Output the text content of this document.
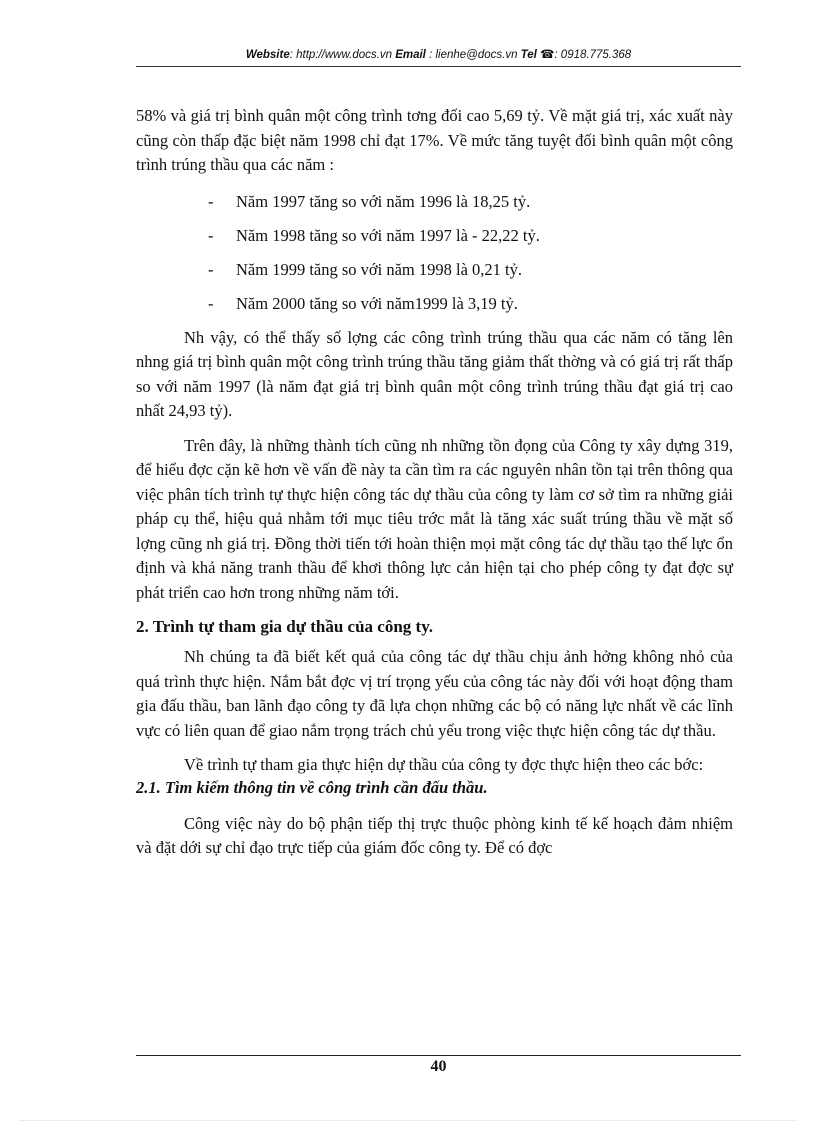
Website: http://www.docs.vn Email : lienhe@docs.vn Tel ☎: 0918.775.368

58% và giá trị bình quân một công trình tơng đối cao 5,69 tỷ. Về mặt giá trị, xác xuất này cũng còn thấp đặc biệt năm 1998 chỉ đạt 17%. Về mức tăng tuyệt đối bình quân một công trình trúng thầu qua các năm :

- Năm 1997 tăng so với năm 1996 là 18,25 tỷ.
- Năm 1998 tăng so với năm 1997 là - 22,22 tỷ.
- Năm 1999 tăng so với năm 1998 là 0,21 tỷ.
- Năm 2000 tăng so với năm1999 là 3,19 tỷ.

Nh vậy, có thể thấy số lợng các công trình trúng thầu qua các năm có tăng lên nhng giá trị bình quân một công trình trúng thầu tăng giảm thất thờng và có giá trị rất thấp so với năm 1997 (là năm đạt giá trị bình quân một công trình trúng thầu đạt giá trị cao nhất 24,93 tỷ).

Trên đây, là những thành tích cũng nh những tồn đọng của Công ty xây dựng 319, để hiểu đợc cặn kẽ hơn về vấn đề này ta cần tìm ra các nguyên nhân tồn tại trên thông qua việc phân tích trình tự thực hiện công tác dự thầu của công ty làm cơ sở tìm ra những giải pháp cụ thể, hiệu quả nhằm tới mục tiêu trớc mắt là tăng xác suất trúng thầu về mặt số lợng cũng nh giá trị. Đồng thời tiến tới hoàn thiện mọi mặt công tác dự thầu tạo thế lực ổn định và khả năng tranh thầu để khơi thông lực cản hiện tại cho phép công ty đạt đợc sự phát triển cao hơn trong những năm tới.

2. Trình tự tham gia dự thầu của công ty.

Nh chúng ta đã biết kết quả của công tác dự thầu chịu ảnh hởng không nhỏ của quá trình thực hiện. Nắm bắt đợc vị trí trọng yếu của công tác này đối với hoạt động tham gia đấu thầu, ban lãnh đạo công ty đã lựa chọn những các bộ có năng lực nhất về các lĩnh vực có liên quan để giao nắm trọng trách chủ yếu trong việc thực hiện công tác dự thầu.

Về trình tự tham gia thực hiện dự thầu của công ty đợc thực hiện theo các bớc:

2.1. Tìm kiếm thông tin về công trình cần đấu thầu.

Công việc này do bộ phận tiếp thị trực thuộc phòng kinh tế kế hoạch đảm nhiệm và đặt dới sự chỉ đạo trực tiếp của giám đốc công ty. Để có đợc

40
